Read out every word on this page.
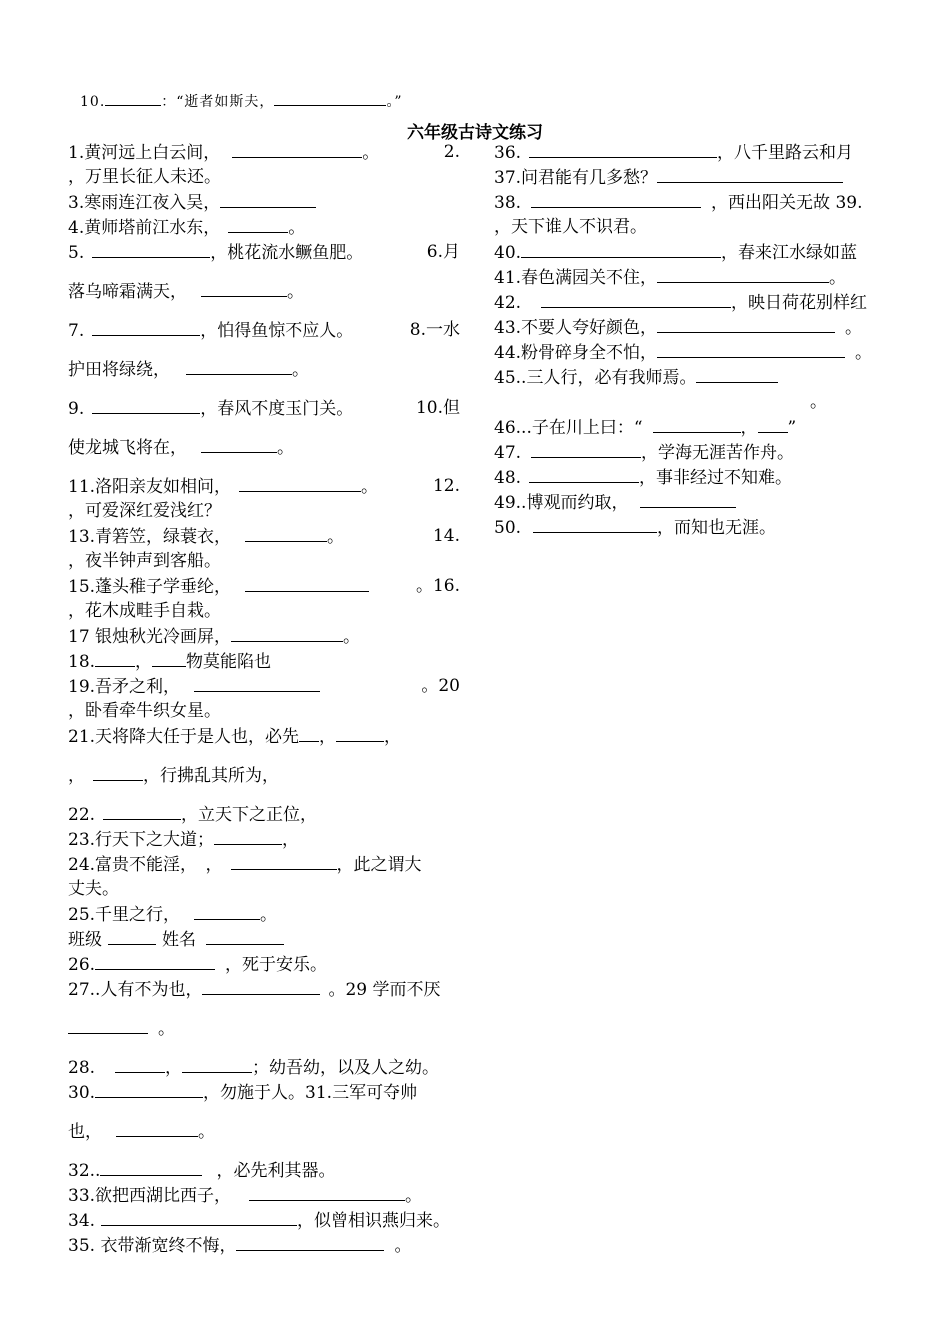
10.	：“逝者如斯夫，	。”
六年级古诗文练习
1.黄河远上白云间，	。	2.
，万里长征人未还。
3.寒雨连江夜入吴，
4.黄师塔前江水东，	。
5.	，桃花流水鳜鱼肥。	6.月
落乌啼霜满天，	。
7.	，怕得鱼惊不应人。	8.一水
护田将绿绕，	。
9.	，春风不度玉门关。	10.但
使龙城飞将在，	。
11.洛阳亲友如相问，	。	12.
，可爱深红爱浅红？
13.青箬笠，绿蓑衣，	。	14.
，夜半钟声到客船。
15.蓬头稚子学垂纶，	。16.
，花木成畦手自栽。
17 银烛秋光冷画屏，	。
18. ， 物莫能陷也
19.吾矛之利，	。20
，卧看牵牛织女星。
21.天将降大任于是人也，必先 ，	，
，	，行拂乱其所为，
22.	，立天下之正位，
23.行天下之大道；	，
24.富贵不能淫，　，	，此之谓大
丈夫。
25.千里之行，	。
班级	姓名
26.	，死于安乐。
27..人有不为也，	。29 学而不厌
。
28.	，	；幼吾幼，以及人之幼。
30.	，勿施于人。31.三军可夺帅
也，	。
32..	，必先利其器。
33.欲把西湖比西子，	。
34.	，似曾相识燕归来。
35. 衣带渐宽终不悔，	。
36.	，八千里路云和月
37.问君能有几多愁？
38.	，西出阳关无故 39.
，天下谁人不识君。
40.	，春来江水绿如蓝
41.春色满园关不住，	。
42.	，映日荷花别样红
43.不要人夸好颜色，	。
44.粉骨碎身全不怕，	。
45..三人行，必有我师焉。
。
46...子在川上曰：“	， ”
47.	，学海无涯苦作舟。
48.	，事非经过不知难。
49..博观而约取，
50.	，而知也无涯。
